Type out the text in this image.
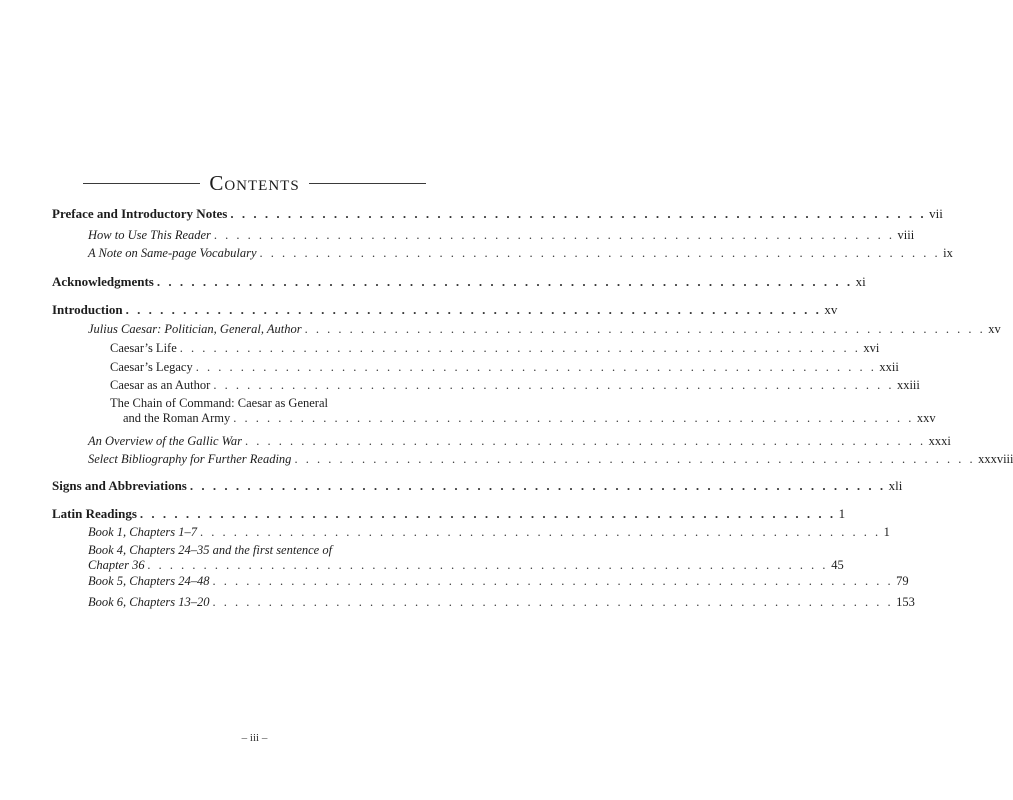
Contents
Preface and Introductory Notes . . . . . . . . . . . . . . . . . . . . . . . . . . . . . . . . . . . . . . . . . . . . . . . . . . . . . . . . . . . . . vii
How to Use This Reader . . . . . . . . . . . . . . . . . . . . . . . . . . . . . . . . . . . . . . . . . . . . . . . . . . . . . . . . . . . . . viii
A Note on Same-page Vocabulary . . . . . . . . . . . . . . . . . . . . . . . . . . . . . . . . . . . . . . . . . . . . . . . . . . . . . . . . . . . . . ix
Acknowledgments . . . . . . . . . . . . . . . . . . . . . . . . . . . . . . . . . . . . . . . . . . . . . . . . . . . . . . . . . . . . . xi
Introduction . . . . . . . . . . . . . . . . . . . . . . . . . . . . . . . . . . . . . . . . . . . . . . . . . . . . . . . . . . . . . xv
Julius Caesar: Politician, General, Author . . . . . . . . . . . . . . . . . . . . . . . . . . . . . . . . . . . . . . . . . . . . . . . . . . . . . . . . . . . . . xv
Caesar’s Life . . . . . . . . . . . . . . . . . . . . . . . . . . . . . . . . . . . . . . . . . . . . . . . . . . . . . . . . . . . . . xvi
Caesar’s Legacy . . . . . . . . . . . . . . . . . . . . . . . . . . . . . . . . . . . . . . . . . . . . . . . . . . . . . . . . . . . . . xxii
Caesar as an Author . . . . . . . . . . . . . . . . . . . . . . . . . . . . . . . . . . . . . . . . . . . . . . . . . . . . . . . . . . . . . xxiii
The Chain of Command: Caesar as General
and the Roman Army . . . . . . . . . . . . . . . . . . . . . . . . . . . . . . . . . . . . . . . . . . . . . . . . . . . . . . . . . . . . . xxv
An Overview of the Gallic War . . . . . . . . . . . . . . . . . . . . . . . . . . . . . . . . . . . . . . . . . . . . . . . . . . . . . . . . . . . . . xxxi
Select Bibliography for Further Reading . . . . . . . . . . . . . . . . . . . . . . . . . . . . . . . . . . . . . . . . . . . . . . . . . . . . . . . . . . . . . xxxviii
Signs and Abbreviations . . . . . . . . . . . . . . . . . . . . . . . . . . . . . . . . . . . . . . . . . . . . . . . . . . . . . . . . . . . . . xli
Latin Readings . . . . . . . . . . . . . . . . . . . . . . . . . . . . . . . . . . . . . . . . . . . . . . . . . . . . . . . . . . . . . 1
Book 1, Chapters 1–7 . . . . . . . . . . . . . . . . . . . . . . . . . . . . . . . . . . . . . . . . . . . . . . . . . . . . . . . . . . . . . 1
Book 4, Chapters 24–35 and the first sentence of
Chapter 36 . . . . . . . . . . . . . . . . . . . . . . . . . . . . . . . . . . . . . . . . . . . . . . . . . . . . . . . . . . . . . 45
Book 5, Chapters 24–48 . . . . . . . . . . . . . . . . . . . . . . . . . . . . . . . . . . . . . . . . . . . . . . . . . . . . . . . . . . . . . 79
Book 6, Chapters 13–20 . . . . . . . . . . . . . . . . . . . . . . . . . . . . . . . . . . . . . . . . . . . . . . . . . . . . . . . . . . . . . 153
– iii –
